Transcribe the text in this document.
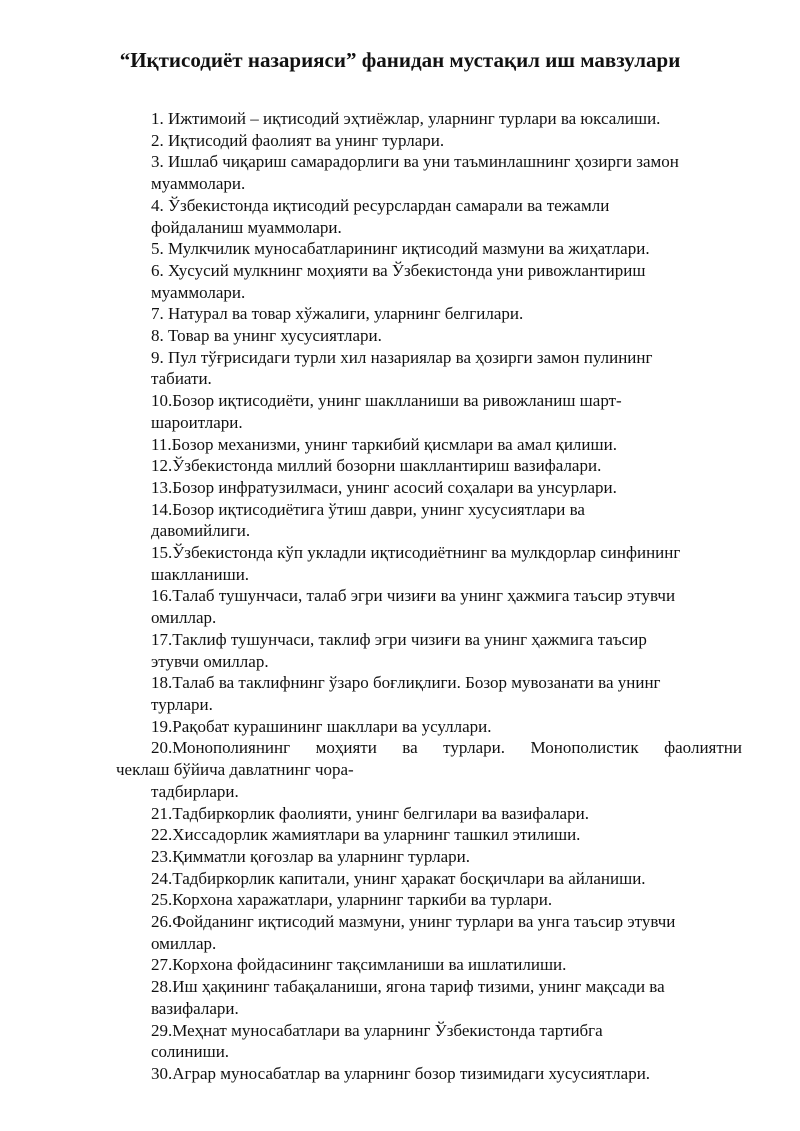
“Иқтисодиёт назарияси” фанидан мустақил иш мавзулари
1. Ижтимоий – иқтисодий эҳтиёжлар, уларнинг турлари ва юксалиши.
2. Иқтисодий фаолият ва унинг турлари.
3. Ишлаб чиқариш самарадорлиги ва уни таъминлашнинг ҳозирги замон
муаммолари.
4. Ўзбекистонда иқтисодий ресурслардан самарали ва тежамли
фойдаланиш муаммолари.
5. Мулкчилик муносабатларининг иқтисодий мазмуни ва жиҳатлари.
6. Хусусий мулкнинг моҳияти ва Ўзбекистонда уни ривожлантириш
муаммолари.
7. Натурал ва товар хўжалиги, уларнинг белгилари.
8. Товар ва унинг хусусиятлари.
9. Пул тўғрисидаги турли хил назариялар ва ҳозирги замон пулининг
табиати.
10.Бозор иқтисодиёти, унинг шаклланиши ва ривожланиш шарт-
шароитлари.
11.Бозор механизми, унинг таркибий қисмлари ва амал қилиши.
12.Ўзбекистонда миллий бозорни шакллантириш вазифалари.
13.Бозор инфратузилмаси, унинг асосий соҳалари ва унсурлари.
14.Бозор иқтисодиётига ўтиш даври, унинг хусусиятлари ва
давомийлиги.
15.Ўзбекистонда кўп укладли иқтисодиётнинг ва мулкдорлар синфининг
шаклланиши.
16.Талаб тушунчаси, талаб эгри чизиғи ва унинг ҳажмига таъсир этувчи
омиллар.
17.Таклиф тушунчаси, таклиф эгри чизиғи ва унинг ҳажмига таъсир
этувчи омиллар.
18.Талаб ва таклифнинг ўзаро боғлиқлиги. Бозор мувозанати ва унинг
турлари.
19.Рақобат курашининг шакллари ва усуллари.
20.Монополиянинг моҳияти ва турлари. Монополистик фаолиятни
чеклаш бўйича давлатнинг чора-
тадбирлари.
21.Тадбиркорлик фаолияти, унинг белгилари ва вазифалари.
22.Хиссадорлик жамиятлари ва уларнинг ташкил этилиши.
23.Қимматли қоғозлар ва уларнинг турлари.
24.Тадбиркорлик капитали, унинг ҳаракат босқичлари ва айланиши.
25.Корхона харажатлари, уларнинг таркиби ва турлари.
26.Фойданинг иқтисодий мазмуни, унинг турлари ва унга таъсир этувчи
омиллар.
27.Корхона фойдасининг тақсимланиши ва ишлатилиши.
28.Иш ҳақининг табақаланиши, ягона тариф тизими, унинг мақсади ва
вазифалари.
29.Меҳнат муносабатлари ва уларнинг Ўзбекистонда тартибга
солиниши.
30.Аграр муносабатлар ва уларнинг бозор тизимидаги хусусиятлари.
